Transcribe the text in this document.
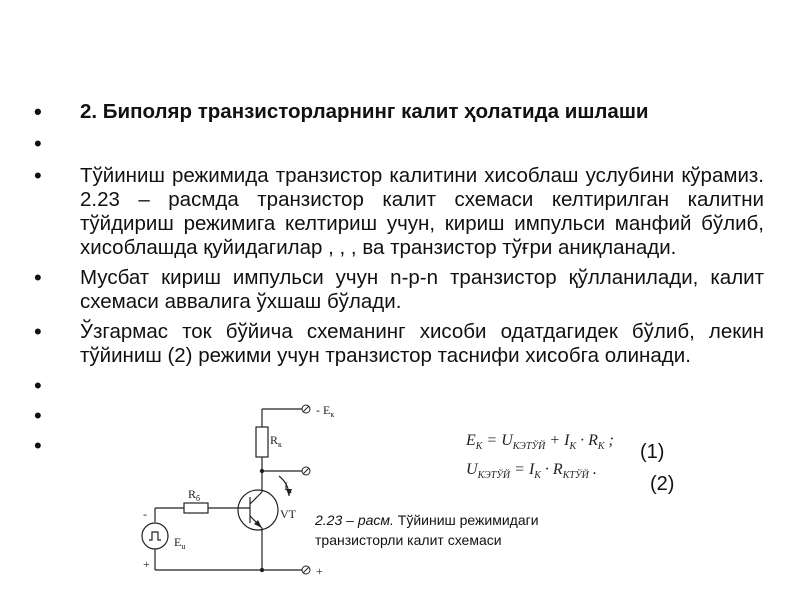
• 2. Биполяр транзисторларнинг калит ҳолатида ишлаши
•
• Тўйиниш режимида транзистор калитини хисоблаш услубини кўрамиз. 2.23 – расмда транзистор калит схемаси келтирилган калитни тўйдириш режимига келтириш учун, кириш импульси манфий бўлиб, хисоблашда қуйидагилар , , , ва транзистор тўғри аниқланади.
• Мусбат кириш импульси учун n-p-n транзистор қўлланилади, калит схемаси аввалига ўхшаш бўлади.
• Ўзгармас ток бўйича схеманинг хисоби одатдагидек бўлиб, лекин тўйиниш (2) режими учун транзистор таснифи хисобга олинади.
•
•
•
- $E_к$
$R_к$
$I_к$
$R_б$
VT
$E_u$
-
+	+
$E_К = U_{КЭТЎЙ} + I_К \cdot R_К$ ;
$U_{КЭТЎЙ} = I_К \cdot R_{КТЎЙ}$ .
(1)
(2)
2.23 – расм. Тўйиниш режимидаги транзисторли калит схемаси
